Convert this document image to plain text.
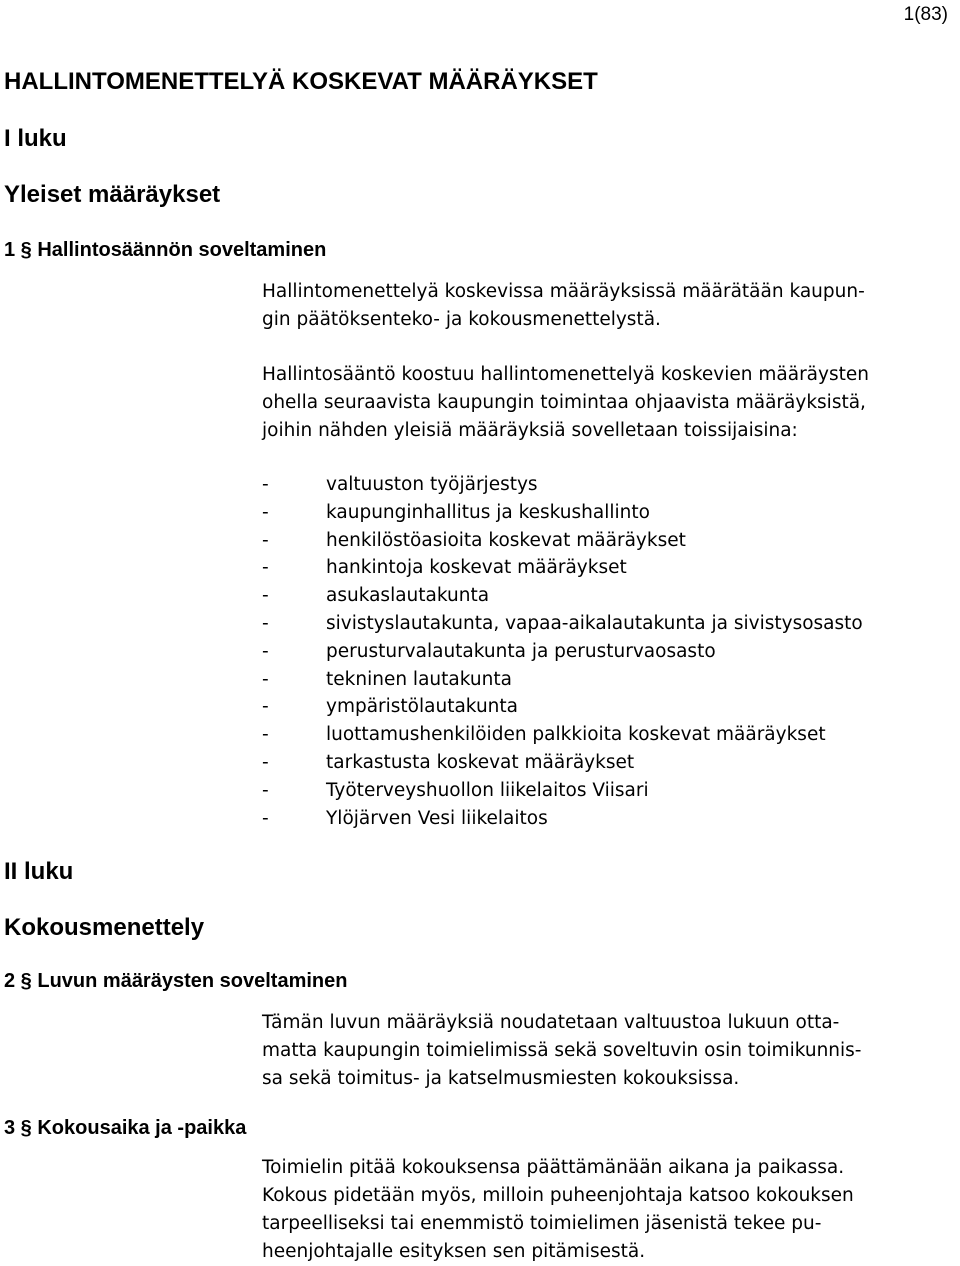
1(83)
HALLINTOMENETTELYÄ KOSKEVAT MÄÄRÄYKSET
I luku
Yleiset määräykset
1 § Hallintosäännön soveltaminen
Hallintomenettelyä koskevissa määräyksissä määrätään kaupun-
gin päätöksenteko- ja kokousmenettelystä.
Hallintosääntö koostuu hallintomenettelyä koskevien määräysten
ohella seuraavista kaupungin toimintaa ohjaavista määräyksistä,
joihin nähden yleisiä määräyksiä sovelletaan toissijaisina:
-	valtuuston työjärjestys
-	kaupunginhallitus ja keskushallinto
-	henkilöstöasioita koskevat määräykset
-	hankintoja koskevat määräykset
-	asukaslautakunta
-	sivistyslautakunta, vapaa-aikalautakunta ja sivistysosasto
-	perusturvalautakunta ja perusturvaosasto
-	tekninen lautakunta
-	ympäristölautakunta
-	luottamushenkilöiden palkkioita koskevat määräykset
-	tarkastusta koskevat määräykset
-	Työterveyshuollon liikelaitos Viisari
-	Ylöjärven Vesi liikelaitos
II luku
Kokousmenettely
2 § Luvun määräysten soveltaminen
Tämän luvun määräyksiä noudatetaan valtuustoa lukuun otta-
matta kaupungin toimielimissä sekä soveltuvin osin toimikunnis-
sa sekä toimitus- ja katselmusmiesten kokouksissa.
3 § Kokousaika ja -paikka
Toimielin pitää kokouksensa päättämänään aikana ja paikassa.
Kokous pidetään myös, milloin puheenjohtaja katsoo kokouksen
tarpeelliseksi tai enemmistö toimielimen jäsenistä tekee pu-
heenjohtajalle esityksen sen pitämisestä.
